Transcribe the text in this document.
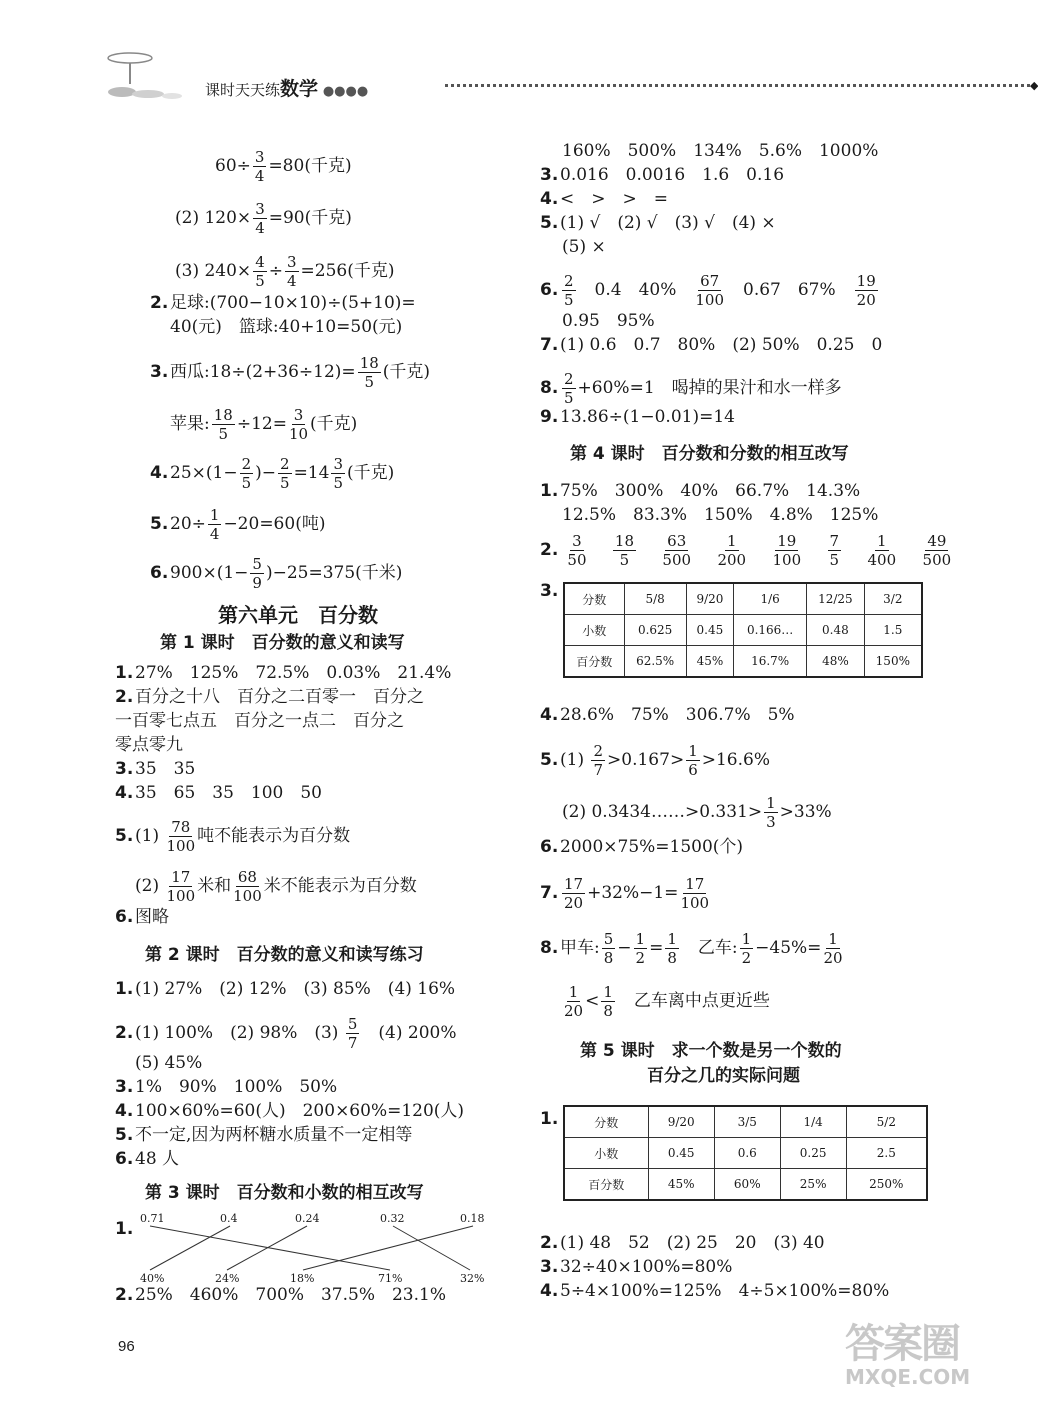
课时天天练数学 ●●●●	◆
$60\div \frac{3}{4} =80$(千克)
(2) $120\times \frac{3}{4} =90$(千克)
(3) $240\times \frac{4}{5} \div \frac{3}{4} =256$(千克)
2. 足球:(700−10×10)÷(5+10)=
40(元)　篮球:40+10=50(元)
3. 西瓜:18÷(2+36÷12)= $\frac{18}{5}$ (千克)
苹果: $\frac{18}{5} \div 12= \frac{3}{10}$ (千克)
4. $25\times(1- \frac{2}{5}$ )− $\frac{2}{5} =14 \frac{3}{5}$ (千克)
5. $20\div \frac{1}{4} -20=60$(吨)
6. $900\times(1- \frac{5}{9} )-25=375$(千米)
第六单元　百分数
第 1 课时　百分数的意义和读写
1. 27%　125%　72.5%　0.03%　21.4%
2. 百分之十八　百分之二百零一　百分之
一百零七点五　百分之一点二　百分之
零点零九
3. 35　35
4. 35　65　35　100　50
5. $(1) \frac{78}{100}$ 吨不能表示为百分数
$(2) \frac{17}{100}$ 米和 $\frac{68}{100}$ 米不能表示为百分数
6. 图略
第 2 课时　百分数的意义和读写练习
1. (1) 27%　(2) 12%　(3) 85%　(4) 16%
2. (1) 100%　(2) 98%　$(3) \frac{5}{7}$ 　(4) 200%
(5) 45%
3. 1%　90%　100%　50%
4. 100×60%=60(人)　200×60%=120(人)
5. 不一定,因为两杯糖水质量不一定相等
6. 48 人
第 3 课时　百分数和小数的相互改写
1.
0.71	0.4	0.24	0.32	0.18
40%	24%	18%	71%	32%
2. 25%　460%　700%　37.5%　23.1%
160%　500%　134%　5.6%　1000%
3. 0.016　0.0016　1.6　0.16
4. <　>　>　=
5. (1) √　(2) √　(3) √　(4) ×
(5) ×
6. $\frac{2}{5}$
　 0.4　40%　 $\frac{67}{100}$
　 0.67　67%　 $\frac{19}{20}$
0.95　95%
7. (1) 0.6　0.7　80%　(2) 50%　0.25　0
8. $\frac{2}{5} +60\%=1$　喝掉的果汁和水一样多
9. 13.86÷(1−0.01)=14
第 4 课时　百分数和分数的相互改写
1. 75%　300%　40%　66.7%　14.3%
12.5%　83.3%　150%　4.8%　125%
2. $\frac{3}{50}$
　 $\frac{18}{5}$
　 $\frac{63}{500}$
　 $\frac{1}{200}$
　 $\frac{19}{100}$
　 $\frac{7}{5}$
　 $\frac{1}{400}$
　 $\frac{49}{500}$
3. 分数	5/8	9/20	1/6	12/25	3/2
小数	0.625	0.45	0.166…	0.48	1.5
百分数	62.5%	45%	16.7%	48%	150%
4. 28.6%　75%　306.7%　5%
5. $(1) \frac{2}{7} >0.167> \frac{1}{6} >16.6\%$
(2) 0.3434……>0.331> $\frac{1}{3} >33\%$
6. 2000×75%=1500(个)
7. $\frac{17}{20} +32\%-1= \frac{17}{100}$
8. 甲车: $\frac{5}{8} - \frac{1}{2} = \frac{1}{8}$ 　乙车: $\frac{1}{2} -45\%= \frac{1}{20}$
$\frac{1}{20} < \frac{1}{8}$ 　乙车离中点更近些
第 5 课时　求一个数是另一个数的
百分之几的实际问题
1.	分数	9/20	3/5	1/4	5/2
小数	0.45	0.6	0.25	2.5
百分数	45%	60%	25%	250%
2. (1) 48　52　(2) 25　20　(3) 40
3. 32÷40×100%=80%
4. 5÷4×100%=125%　4÷5×100%=80%
96	答案圈
MXQE.COM
